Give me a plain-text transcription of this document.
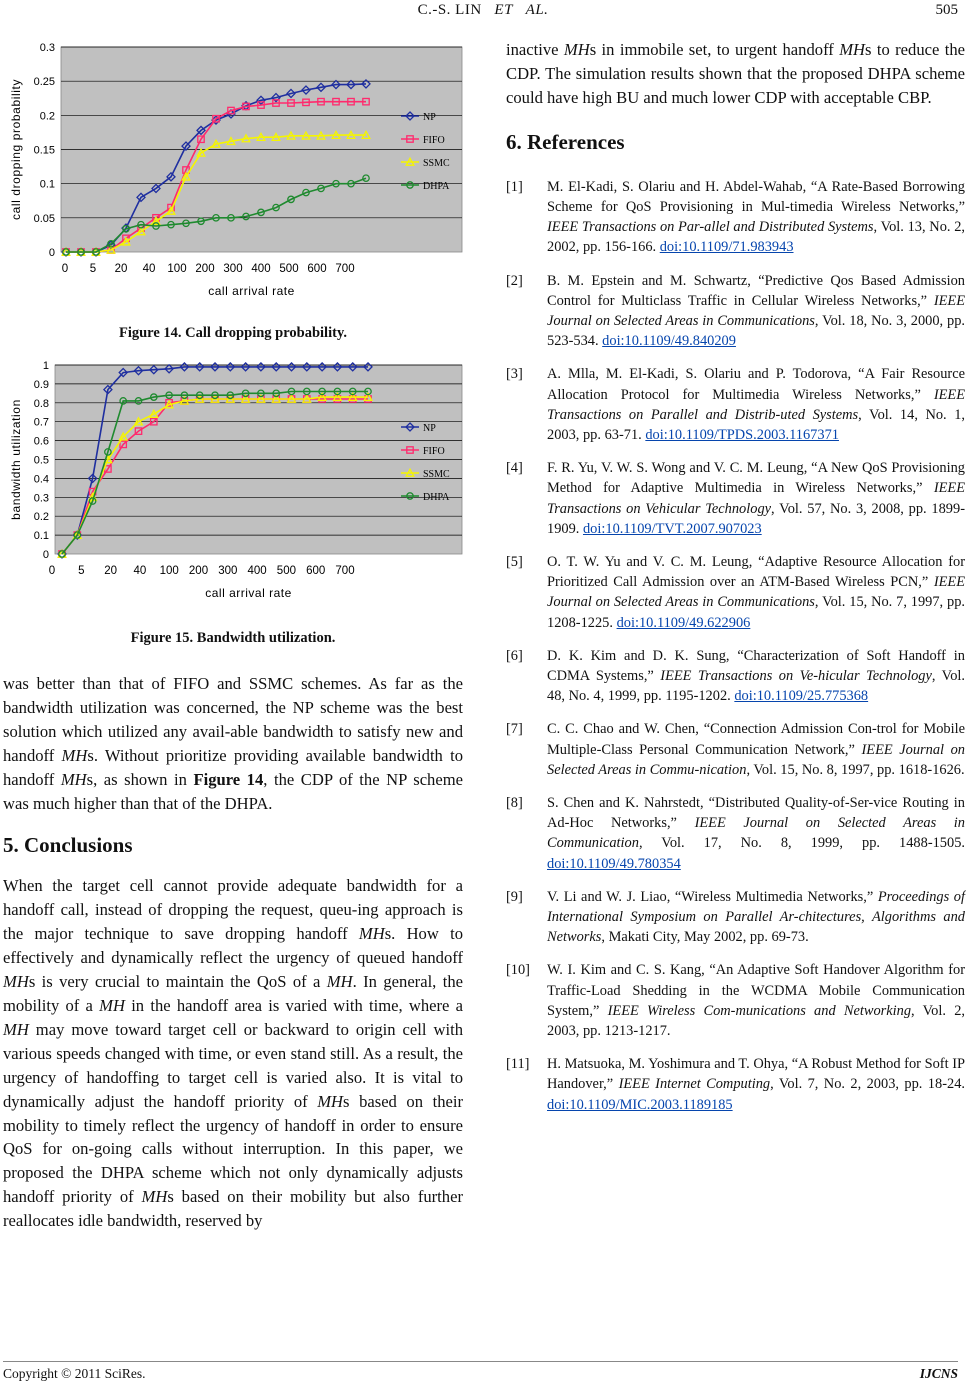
C.-S. LIN ET AL.	505
0
0.05
0.1
0.15
0.2
0.25
0.3
0 5 20 40 100 200 300 400 500 600 700
call arrival rate
call dropping probability	NP
FIFO
SSMC
DHPA

Figure 14. Call dropping probability.

0
0.1
0.2
0.3
0.4
0.5
0.6
0.7
0.8
0.9
1
0 5 20 40 100 200 300 400 500 600 700
call arrival rate
bandwidth utilization	NP
FIFO
SSMC
DHPA

Figure 15. Bandwidth utilization.

was better than that of FIFO and SSMC schemes. As far as the bandwidth utilization was concerned, the NP scheme was the best solution which utilized any avail-able bandwidth to satisfy new and handoff MHs. Without prioritize providing available bandwidth to handoff MHs, as shown in Figure 14, the CDP of the NP scheme was much higher than that of the DHPA.

5. Conclusions

When the target cell cannot provide adequate bandwidth for a handoff call, instead of dropping the request, queu-ing approach is the major technique to save dropping handoff MHs. How to effectively and dynamically reflect the urgency of queued handoff MHs is very crucial to maintain the QoS of a MH. In general, the mobility of a MH in the handoff area is varied with time, where a MH may move toward target cell or backward to origin cell with various speeds changed with time, or even stand still. As a result, the urgency of handoffing to target cell is varied also. It is vital to dynamically adjust the handoff priority of MHs based on their mobility to timely reflect the urgency of handoff in order to ensure QoS for on-going calls without interruption. In this paper, we proposed the DHPA scheme which not only dynamically adjusts handoff priority of MHs based on their mobility but also further reallocates idle bandwidth, reserved by

inactive MHs in immobile set, to urgent handoff MHs to reduce the CDP. The simulation results shown that the proposed DHPA scheme could have high BU and much lower CDP with acceptable CBP.

6. References
[1] M. El-Kadi, S. Olariu and H. Abdel-Wahab, “A Rate-Based Borrowing Scheme for QoS Provisioning in Mul-timedia Wireless Networks,” IEEE Transactions on Par-allel and Distributed Systems, Vol. 13, No. 2, 2002, pp. 156-166. doi:10.1109/71.983943
[2] B. M. Epstein and M. Schwartz, “Predictive Qos Based Admission Control for Multiclass Traffic in Cellular Wireless Networks,” IEEE Journal on Selected Areas in Communications, Vol. 18, No. 3, 2000, pp. 523-534. doi:10.1109/49.840209
[3] A. Mlla, M. El-Kadi, S. Olariu and P. Todorova, “A Fair Resource Allocation Protocol for Multimedia Wireless Networks,” IEEE Transactions on Parallel and Distrib-uted Systems, Vol. 14, No. 1, 2003, pp. 63-71. doi:10.1109/TPDS.2003.1167371
[4] F. R. Yu, V. W. S. Wong and V. C. M. Leung, “A New QoS Provisioning Method for Adaptive Multimedia in Wireless Networks,” IEEE Transactions on Vehicular Technology, Vol. 57, No. 3, 2008, pp. 1899-1909. doi:10.1109/TVT.2007.907023
[5] O. T. W. Yu and V. C. M. Leung, “Adaptive Resource Allocation for Prioritized Call Admission over an ATM-Based Wireless PCN,” IEEE Journal on Selected Areas in Communications, Vol. 15, No. 7, 1997, pp. 1208-1225. doi:10.1109/49.622906
[6] D. K. Kim and D. K. Sung, “Characterization of Soft Handoff in CDMA Systems,” IEEE Transactions on Ve-hicular Technology, Vol. 48, No. 4, 1999, pp. 1195-1202. doi:10.1109/25.775368
[7] C. C. Chao and W. Chen, “Connection Admission Con-trol for Mobile Multiple-Class Personal Communication Network,” IEEE Journal on Selected Areas in Commu-nication, Vol. 15, No. 8, 1997, pp. 1618-1626.
[8] S. Chen and K. Nahrstedt, “Distributed Quality-of-Ser-vice Routing in Ad-Hoc Networks,” IEEE Journal on Selected Areas in Communication, Vol. 17, No. 8, 1999, pp. 1488-1505. doi:10.1109/49.780354
[9] V. Li and W. J. Liao, “Wireless Multimedia Networks,” Proceedings of International Symposium on Parallel Ar-chitectures, Algorithms and Networks, Makati City, May 2002, pp. 69-73.
[10] W. I. Kim and C. S. Kang, “An Adaptive Soft Handover Algorithm for Traffic-Load Shedding in the WCDMA Mobile Communication System,” IEEE Wireless Com-munications and Networking, Vol. 2, 2003, pp. 1213-1217.
[11] H. Matsuoka, M. Yoshimura and T. Ohya, “A Robust Method for Soft IP Handover,” IEEE Internet Computing, Vol. 7, No. 2, 2003, pp. 18-24. doi:10.1109/MIC.2003.1189185
Copyright © 2011 SciRes.	IJCNS
